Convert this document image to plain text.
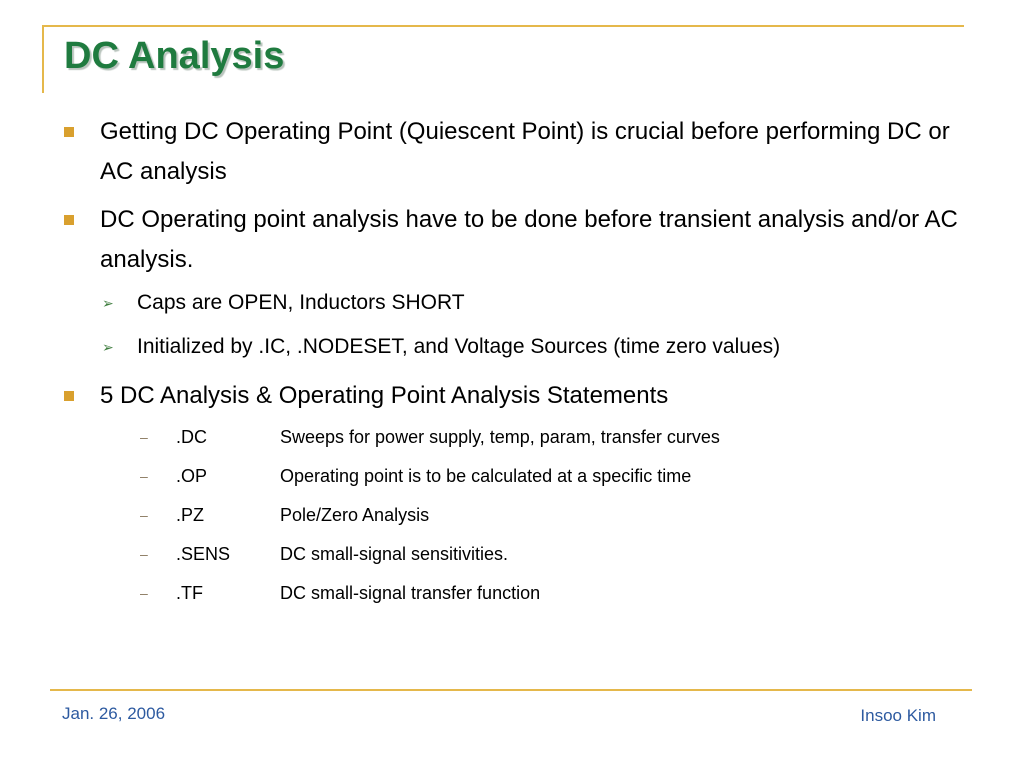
DC Analysis
Getting DC Operating Point (Quiescent Point) is crucial before performing DC or AC analysis
DC Operating point analysis have to be done before transient analysis and/or AC analysis.
➢ Caps are OPEN, Inductors SHORT
➢ Initialized by .IC, .NODESET, and Voltage Sources (time zero values)
5 DC Analysis & Operating Point Analysis Statements
– .DC	Sweeps for power supply, temp, param, transfer curves
– .OP	Operating point is to be calculated at a specific time
– .PZ	Pole/Zero Analysis
– .SENS	DC small-signal sensitivities.
– .TF	DC small-signal transfer function
Jan. 26, 2006	Insoo Kim
